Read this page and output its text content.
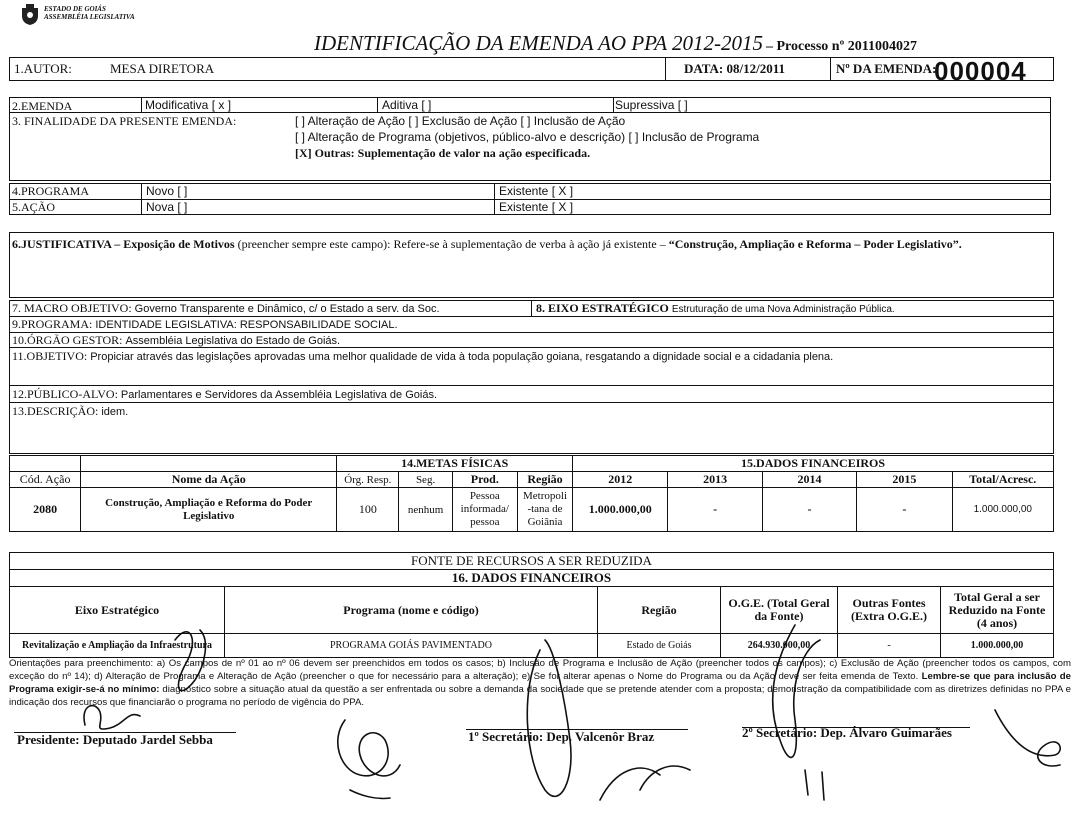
ESTADO DE GOIÁS
ASSEMBLÉIA LEGISLATIVA
IDENTIFICAÇÃO DA EMENDA AO PPA 2012-2015 – Processo nº 2011004027
1.AUTOR:	MESA DIRETORA	DATA: 08/12/2011	Nº DA EMENDA:
000004
2.EMENDA	Modificativa [ x ]	Aditiva [ ]	Supressiva [ ]
3. FINALIDADE DA PRESENTE EMENDA:	[ ] Alteração de Ação [ ] Exclusão de Ação [ ] Inclusão de Ação
[ ] Alteração de Programa (objetivos, público-alvo e descrição) [ ] Inclusão de Programa
[X] Outras: Suplementação de valor na ação especificada.
4.PROGRAMA	Novo [ ]	Existente [ X ]
5.AÇÃO	Nova [ ]	Existente [ X ]
6.JUSTIFICATIVA – Exposição de Motivos (preencher sempre este campo): Refere-se à suplementação de verba à ação já existente – “Construção, Ampliação e Reforma – Poder Legislativo”.
7. MACRO OBJETIVO: Governo Transparente e Dinâmico, c/ o Estado a serv. da Soc.	8. EIXO ESTRATÉGICO Estruturação de uma Nova Administração Pública.
9.PROGRAMA: IDENTIDADE LEGISLATIVA: RESPONSABILIDADE SOCIAL.
10.ÓRGÃO GESTOR: Assembléia Legislativa do Estado de Goiás.
11.OBJETIVO: Propiciar através das legislações aprovadas uma melhor qualidade de vida à toda população goiana, resgatando a dignidade social e a cidadania plena.
12.PÚBLICO-ALVO: Parlamentares e Servidores da Assembléia Legislativa de Goiás.
13.DESCRIÇÃO: idem.
		14.METAS FÍSICAS				15.DADOS FINANCEIROS				
Cód. Ação	Nome da Ação	Órg. Resp.	Seg.	Prod.	Região	2012	2013	2014	2015	Total/Acresc.
2080	Construção, Ampliação e Reforma do Poder Legislativo	100	nenhum	Pessoa informada/ pessoa	Metropoli -tana de Goiânia	1.000.000,00	-	-	-	1.000.000,00
FONTE DE RECURSOS A SER REDUZIDA					
16. DADOS FINANCEIROS					
Eixo Estratégico	Programa (nome e código)	Região	O.G.E. (Total Geral da Fonte)	Outras Fontes (Extra O.G.E.)	Total Geral a ser Reduzido na Fonte (4 anos)
Revitalização e Ampliação da Infraestrutura	PROGRAMA GOIÁS PAVIMENTADO	Estado de Goiás	264.930.000,00	-	1.000.000,00
Orientações para preenchimento: a) Os campos de nº 01 ao nº 06 devem ser preenchidos em todos os casos; b) Inclusão de Programa e Inclusão de Ação (preencher todos os campos); c) Exclusão de Ação (preencher todos os campos, com exceção do nº 14); d) Alteração de Programa e Alteração de Ação (preencher o que for necessário para a alteração); e) Se for alterar apenas o Nome do Programa ou da Ação deve ser feita emenda de Texto. Lembre-se que para inclusão de Programa exigir-se-á no mínimo: diagnóstico sobre a situação atual da questão a ser enfrentada ou sobre a demanda da sociedade que se pretende atender com a proposta; demonstração da compatibilidade com as diretrizes definidas no PPA e indicação dos recursos que financiarão o programa no período de vigência do PPA.
Presidente: Deputado Jardel Sebba	1º Secretário: Dep. Valcenôr Braz	2º Secretário: Dep. Álvaro Guimarães
